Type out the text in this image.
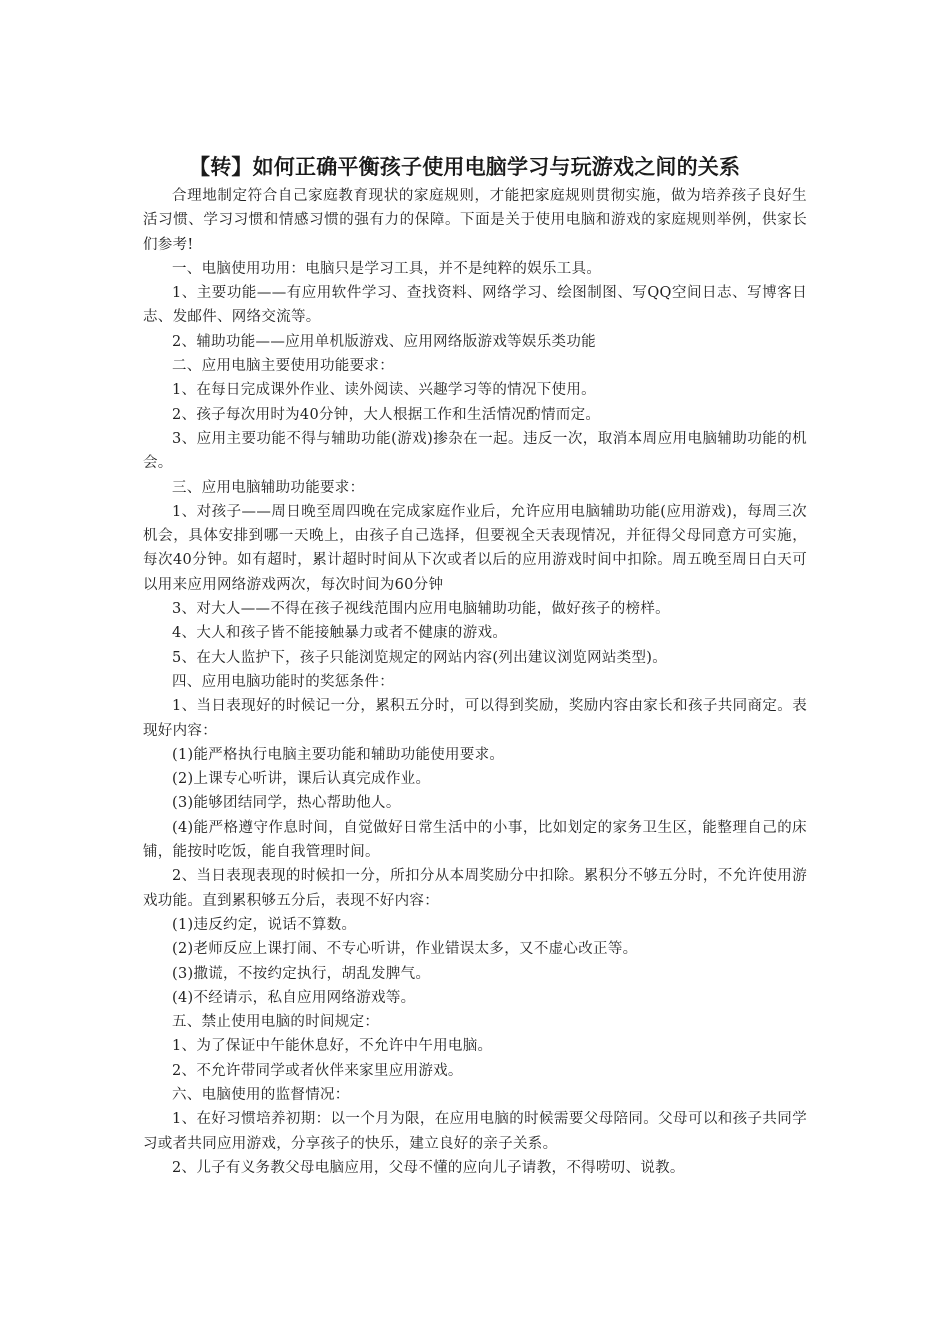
【转】如何正确平衡孩子使用电脑学习与玩游戏之间的关系

合理地制定符合自己家庭教育现状的家庭规则，才能把家庭规则贯彻实施，做为培养孩子良好生活习惯、学习习惯和情感习惯的强有力的保障。下面是关于使用电脑和游戏的家庭规则举例，供家长们参考!

一、电脑使用功用：电脑只是学习工具，并不是纯粹的娱乐工具。

1、主要功能——有应用软件学习、查找资料、网络学习、绘图制图、写QQ空间日志、写博客日志、发邮件、网络交流等。

2、辅助功能——应用单机版游戏、应用网络版游戏等娱乐类功能

二、应用电脑主要使用功能要求：

1、在每日完成课外作业、读外阅读、兴趣学习等的情况下使用。

2、孩子每次用时为40分钟，大人根据工作和生活情况酌情而定。

3、应用主要功能不得与辅助功能(游戏)掺杂在一起。违反一次，取消本周应用电脑辅助功能的机会。

三、应用电脑辅助功能要求：

1、对孩子——周日晚至周四晚在完成家庭作业后，允许应用电脑辅助功能(应用游戏)，每周三次机会，具体安排到哪一天晚上，由孩子自己选择，但要视全天表现情况，并征得父母同意方可实施，每次40分钟。如有超时，累计超时时间从下次或者以后的应用游戏时间中扣除。周五晚至周日白天可以用来应用网络游戏两次，每次时间为60分钟

3、对大人——不得在孩子视线范围内应用电脑辅助功能，做好孩子的榜样。

4、大人和孩子皆不能接触暴力或者不健康的游戏。

5、在大人监护下，孩子只能浏览规定的网站内容(列出建议浏览网站类型)。

四、应用电脑功能时的奖惩条件：

1、当日表现好的时候记一分，累积五分时，可以得到奖励，奖励内容由家长和孩子共同商定。表现好内容：

(1)能严格执行电脑主要功能和辅助功能使用要求。

(2)上课专心听讲，课后认真完成作业。

(3)能够团结同学，热心帮助他人。

(4)能严格遵守作息时间，自觉做好日常生活中的小事，比如划定的家务卫生区，能整理自己的床铺，能按时吃饭，能自我管理时间。

2、当日表现表现的时候扣一分，所扣分从本周奖励分中扣除。累积分不够五分时，不允许使用游戏功能。直到累积够五分后，表现不好内容：

(1)违反约定，说话不算数。

(2)老师反应上课打闹、不专心听讲，作业错误太多，又不虚心改正等。

(3)撒谎，不按约定执行，胡乱发脾气。

(4)不经请示，私自应用网络游戏等。

五、禁止使用电脑的时间规定：

1、为了保证中午能休息好，不允许中午用电脑。

2、不允许带同学或者伙伴来家里应用游戏。

六、电脑使用的监督情况：

1、在好习惯培养初期：以一个月为限，在应用电脑的时候需要父母陪同。父母可以和孩子共同学习或者共同应用游戏，分享孩子的快乐，建立良好的亲子关系。

2、儿子有义务教父母电脑应用，父母不懂的应向儿子请教，不得唠叨、说教。
